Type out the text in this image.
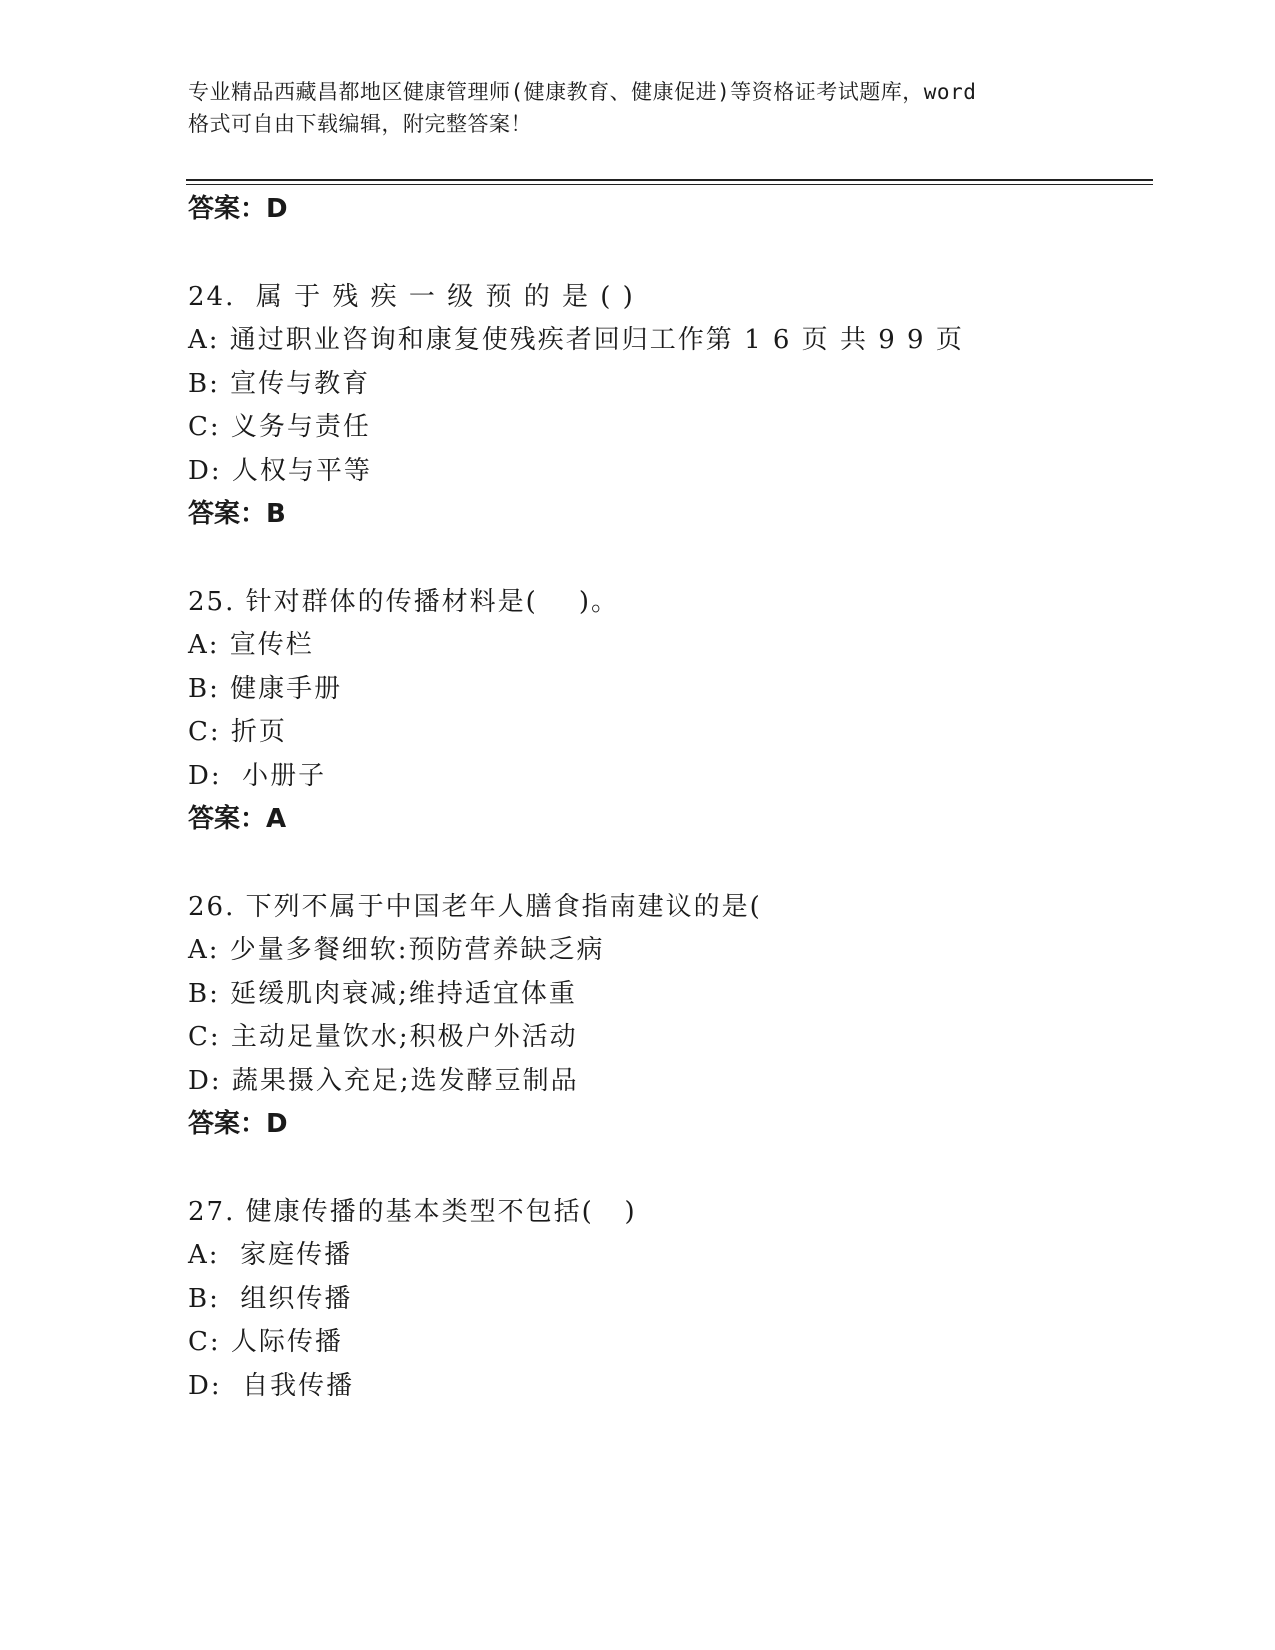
专业精品西藏昌都地区健康管理师(健康教育、健康促进)等资格证考试题库，word
格式可自由下载编辑，附完整答案！
答案：D
24.  属 于 残 疾 一 级 预 的 是 ( )
A: 通过职业咨询和康复使残疾者回归工作第 1 6 页 共 9 9 页
B: 宣传与教育
C: 义务与责任
D: 人权与平等
答案：B
25. 针对群体的传播材料是(    )。
A: 宣传栏
B: 健康手册
C: 折页
D:  小册子
答案：A
26. 下列不属于中国老年人膳食指南建议的是(
A: 少量多餐细软:预防营养缺乏病
B: 延缓肌肉衰减;维持适宜体重
C: 主动足量饮水;积极户外活动
D: 蔬果摄入充足;选发酵豆制品
答案：D
27. 健康传播的基本类型不包括(   )
A:  家庭传播
B:  组织传播
C: 人际传播
D:  自我传播
